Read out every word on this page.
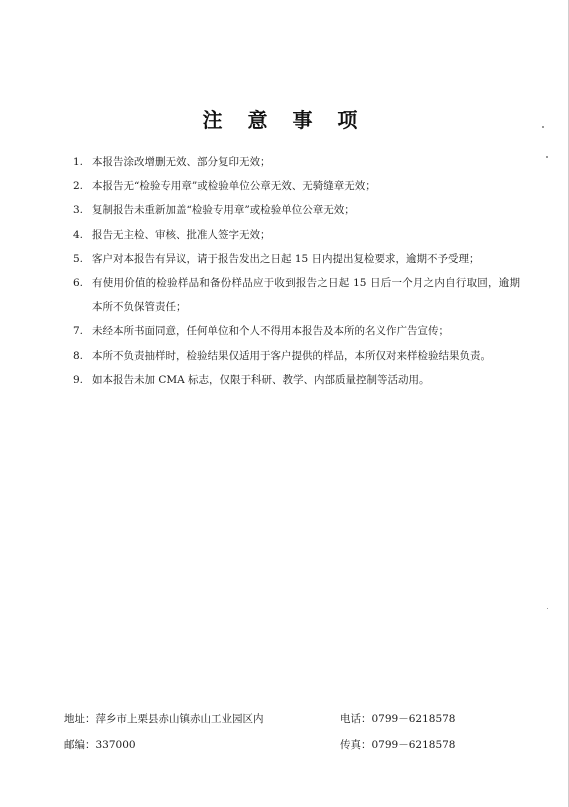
注 意 事 项
1. 本报告涂改增删无效、部分复印无效；
2. 本报告无“检验专用章”或检验单位公章无效、无骑缝章无效；
3. 复制报告未重新加盖“检验专用章”或检验单位公章无效；
4. 报告无主检、审核、批准人签字无效；
5. 客户对本报告有异议，请于报告发出之日起 15 日内提出复检要求，逾期不予受理；
6. 有使用价值的检验样品和备份样品应于收到报告之日起 15 日后一个月之内自行取回，逾期本所不负保管责任；
7. 未经本所书面同意，任何单位和个人不得用本报告及本所的名义作广告宣传；
8. 本所不负责抽样时，检验结果仅适用于客户提供的样品，本所仅对来样检验结果负责。
9. 如本报告未加 CMA 标志，仅限于科研、教学、内部质量控制等活动用。
地址：萍乡市上栗县赤山镇赤山工业园区内
邮编：337000
电话：0799－6218578
传真：0799－6218578
